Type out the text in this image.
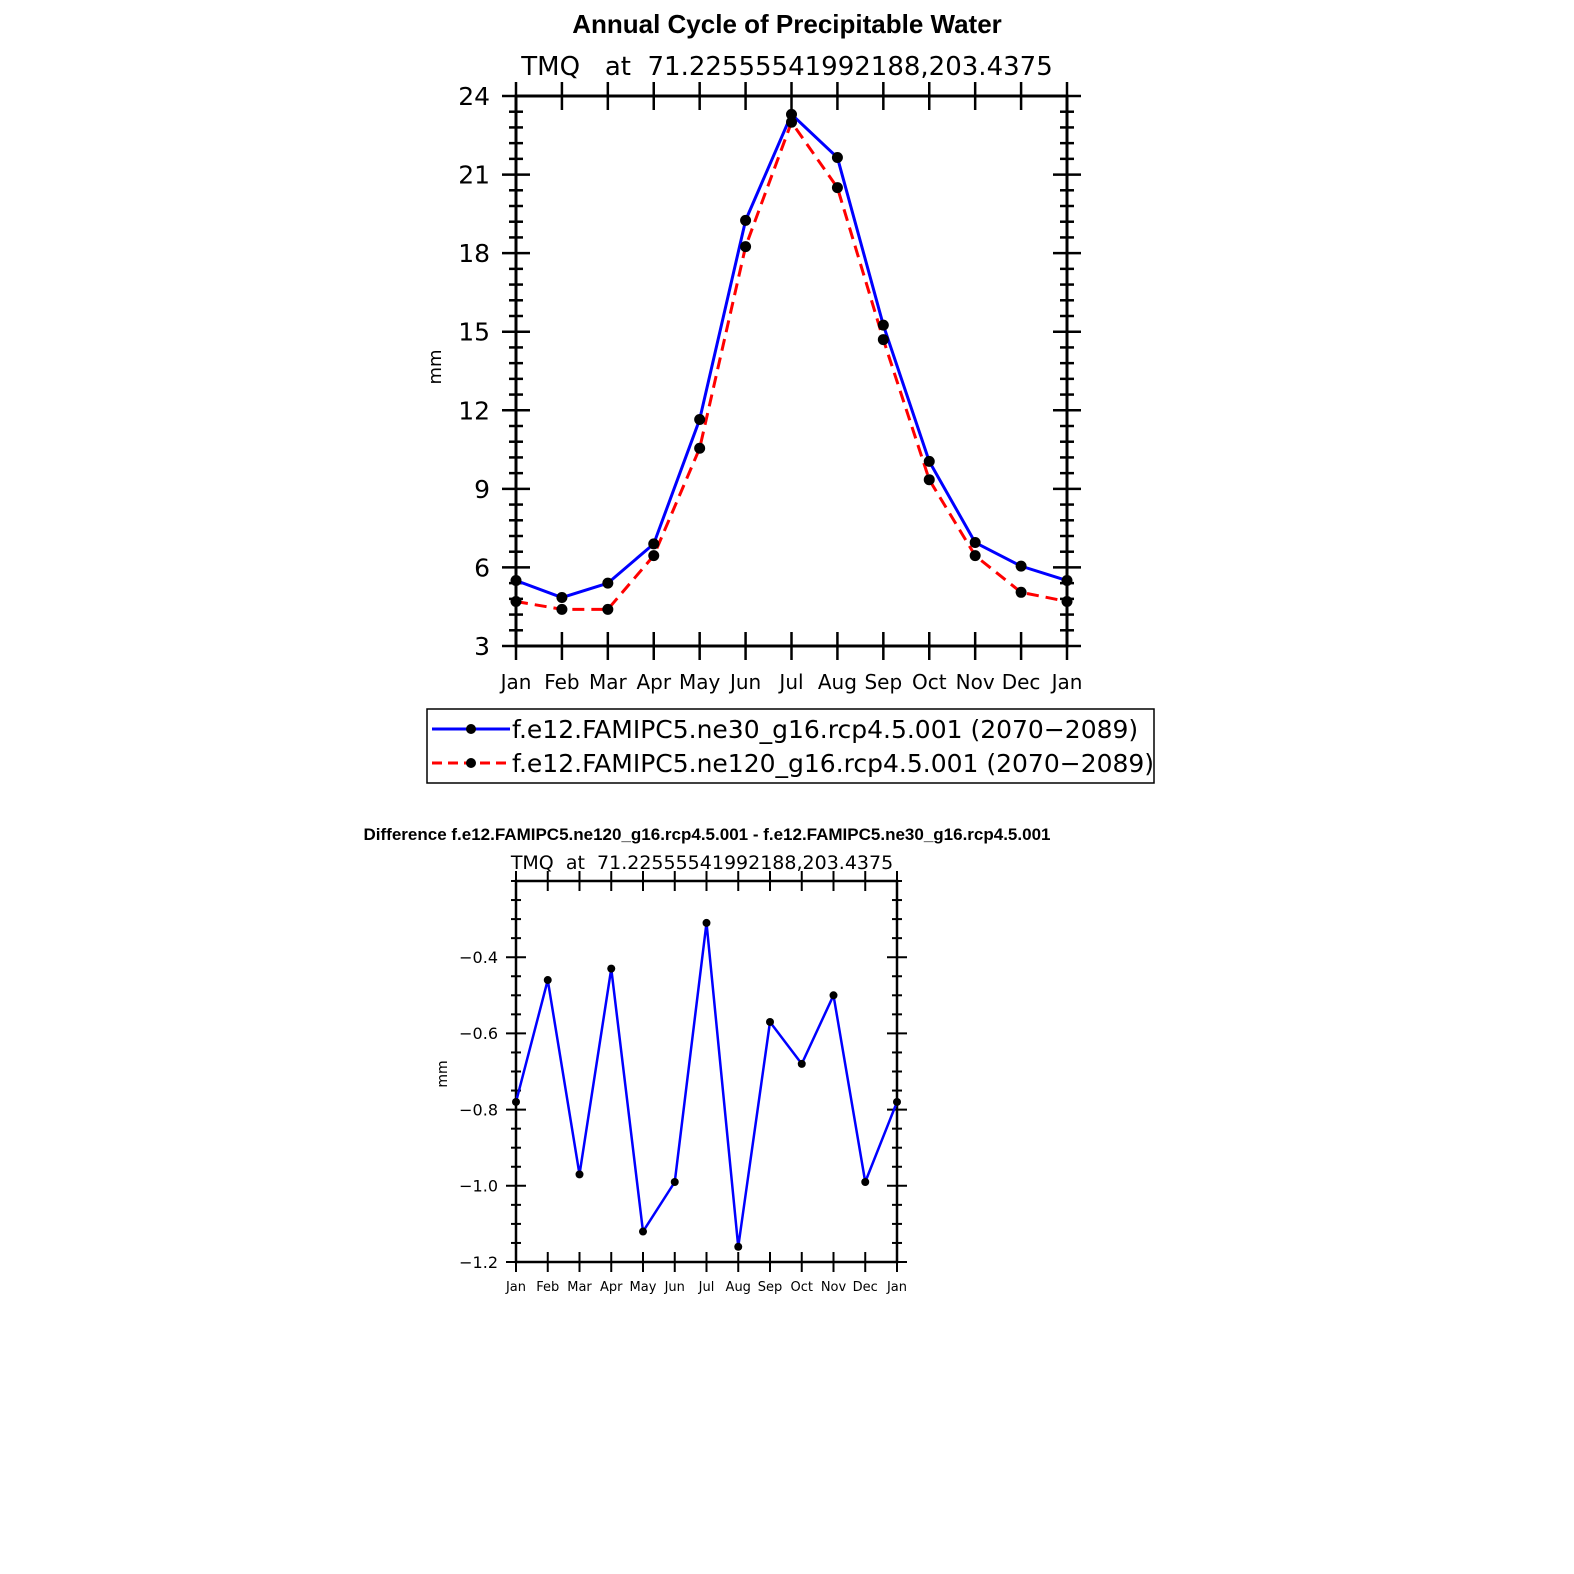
Annual Cycle of Precipitable Water
TMQ   at  71.22555541992188,203.4375
mm
3
6
9
12
15
18
21
24
Jan Feb Mar Apr May Jun Jul Aug Sep Oct Nov Dec Jan
f.e12.FAMIPC5.ne30_g16.rcp4.5.001 (2070−2089)
f.e12.FAMIPC5.ne120_g16.rcp4.5.001 (2070−2089)
Difference f.e12.FAMIPC5.ne120_g16.rcp4.5.001 - f.e12.FAMIPC5.ne30_g16.rcp4.5.001
TMQ  at  71.22555541992188,203.4375
mm
−1.2
−1.0
−0.8
−0.6
−0.4
Jan Feb Mar Apr May Jun Jul Aug Sep Oct Nov Dec Jan
